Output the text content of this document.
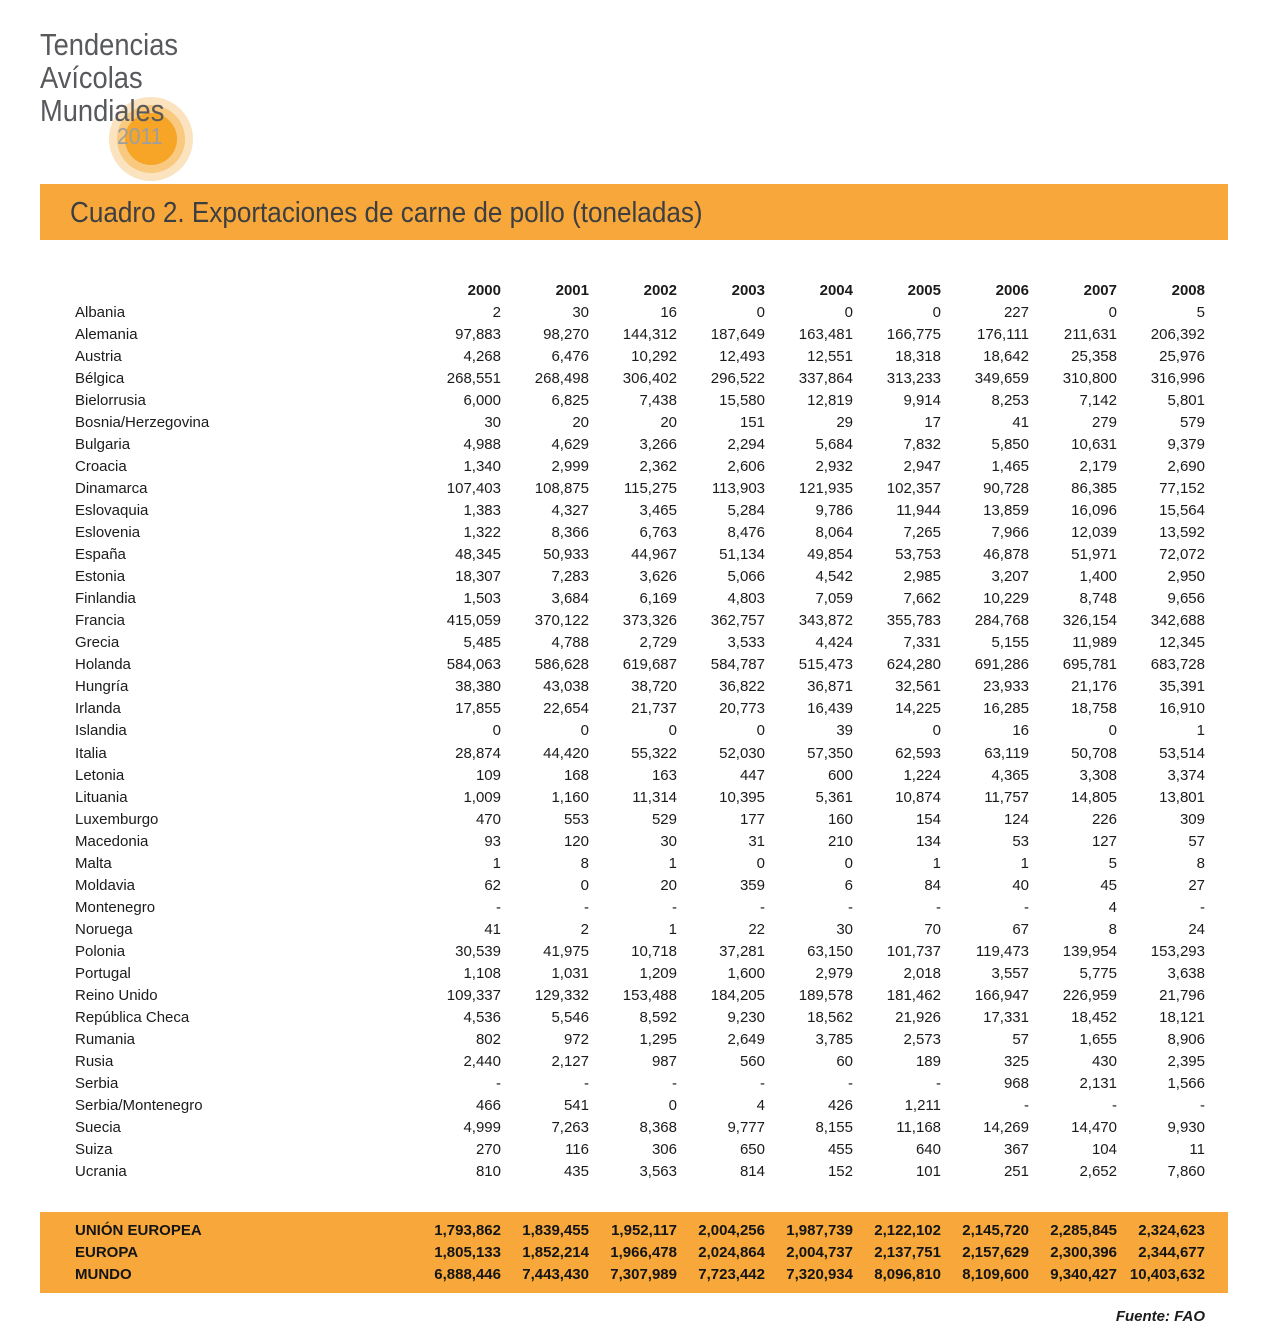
Tendencias
Avícolas
Mundiales
2011
Cuadro 2. Exportaciones de carne de pollo (toneladas)
2000	2001	2002	2003	2004	2005	2006	2007	2008
Albania	2	30	16	0	0	0	227	0	5
Alemania	97,883	98,270	144,312	187,649	163,481	166,775	176,111	211,631	206,392
Austria	4,268	6,476	10,292	12,493	12,551	18,318	18,642	25,358	25,976
Bélgica	268,551	268,498	306,402	296,522	337,864	313,233	349,659	310,800	316,996
Bielorrusia	6,000	6,825	7,438	15,580	12,819	9,914	8,253	7,142	5,801
Bosnia/Herzegovina	30	20	20	151	29	17	41	279	579
Bulgaria	4,988	4,629	3,266	2,294	5,684	7,832	5,850	10,631	9,379
Croacia	1,340	2,999	2,362	2,606	2,932	2,947	1,465	2,179	2,690
Dinamarca	107,403	108,875	115,275	113,903	121,935	102,357	90,728	86,385	77,152
Eslovaquia	1,383	4,327	3,465	5,284	9,786	11,944	13,859	16,096	15,564
Eslovenia	1,322	8,366	6,763	8,476	8,064	7,265	7,966	12,039	13,592
España	48,345	50,933	44,967	51,134	49,854	53,753	46,878	51,971	72,072
Estonia	18,307	7,283	3,626	5,066	4,542	2,985	3,207	1,400	2,950
Finlandia	1,503	3,684	6,169	4,803	7,059	7,662	10,229	8,748	9,656
Francia	415,059	370,122	373,326	362,757	343,872	355,783	284,768	326,154	342,688
Grecia	5,485	4,788	2,729	3,533	4,424	7,331	5,155	11,989	12,345
Holanda	584,063	586,628	619,687	584,787	515,473	624,280	691,286	695,781	683,728
Hungría	38,380	43,038	38,720	36,822	36,871	32,561	23,933	21,176	35,391
Irlanda	17,855	22,654	21,737	20,773	16,439	14,225	16,285	18,758	16,910
Islandia	0	0	0	0	39	0	16	0	1
Italia	28,874	44,420	55,322	52,030	57,350	62,593	63,119	50,708	53,514
Letonia	109	168	163	447	600	1,224	4,365	3,308	3,374
Lituania	1,009	1,160	11,314	10,395	5,361	10,874	11,757	14,805	13,801
Luxemburgo	470	553	529	177	160	154	124	226	309
Macedonia	93	120	30	31	210	134	53	127	57
Malta	1	8	1	0	0	1	1	5	8
Moldavia	62	0	20	359	6	84	40	45	27
Montenegro	-	-	-	-	-	-	-	4	-
Noruega	41	2	1	22	30	70	67	8	24
Polonia	30,539	41,975	10,718	37,281	63,150	101,737	119,473	139,954	153,293
Portugal	1,108	1,031	1,209	1,600	2,979	2,018	3,557	5,775	3,638
Reino Unido	109,337	129,332	153,488	184,205	189,578	181,462	166,947	226,959	21,796
República Checa	4,536	5,546	8,592	9,230	18,562	21,926	17,331	18,452	18,121
Rumania	802	972	1,295	2,649	3,785	2,573	57	1,655	8,906
Rusia	2,440	2,127	987	560	60	189	325	430	2,395
Serbia	-	-	-	-	-	-	968	2,131	1,566
Serbia/Montenegro	466	541	0	4	426	1,211	-	-	-
Suecia	4,999	7,263	8,368	9,777	8,155	11,168	14,269	14,470	9,930
Suiza	270	116	306	650	455	640	367	104	11
Ucrania	810	435	3,563	814	152	101	251	2,652	7,860
UNIÓN EUROPEA	1,793,862	1,839,455	1,952,117	2,004,256	1,987,739	2,122,102	2,145,720	2,285,845	2,324,623
EUROPA	1,805,133	1,852,214	1,966,478	2,024,864	2,004,737	2,137,751	2,157,629	2,300,396	2,344,677
MUNDO	6,888,446	7,443,430	7,307,989	7,723,442	7,320,934	8,096,810	8,109,600	9,340,427 10,403,632
Fuente: FAO
